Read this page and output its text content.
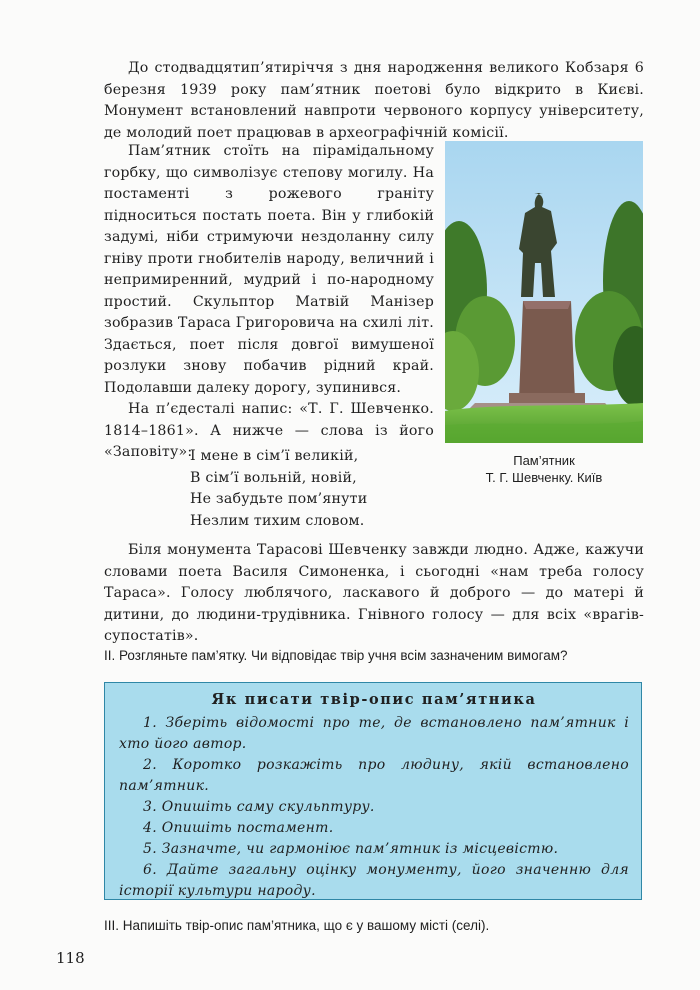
До стодвадцятип’ятиріччя з дня народження великого Кобзаря 6 березня 1939 року пам’ятник поетові було відкрито в Києві. Монумент встановлений навпроти червоного корпусу університету, де молодий поет працював в археографічній комісії.

Пам’ятник стоїть на пірамідальному горбку, що символізує степову могилу. На постаменті з рожевого граніту підноситься постать поета. Він у глибокій задумі, ніби стримуючи нездоланну силу гніву проти гнобителів народу, величний і непримиренний, мудрий і по-народному простий. Скульптор Матвій Манізер зобразив Тараса Григоровича на схилі літ. Здається, поет після довгої вимушеної розлуки знову побачив рідний край. Подолавши далеку дорогу, зупинився.

На п’єдесталі напис: «Т. Г. Шевченко. 1814–1861». А нижче — слова із його «Заповіту»:

Пам’ятник
Т. Г. Шевченку. Київ
І мене в сім’ї великій,
В сім’ї вольній, новій,
Не забудьте пом’янути
Незлим тихим словом.

Біля монумента Тарасові Шевченку завжди людно. Адже, кажучи словами поета Василя Симоненка, і сьогодні «нам треба голосу Тараса». Голосу люблячого, ласкавого й доброго — до матері й дитини, до людини-трудівника. Гнівного голосу — для всіх «врагів-супостатів».

ІІ. Розгляньте пам’ятку. Чи відповідає твір учня всім зазначеним вимогам?
Як писати твір-опис пам’ятника

1. Зберіть відомості про те, де встановлено пам’ятник і хто його автор.

2. Коротко розкажіть про людину, якій встановлено пам’ятник.

3. Опишіть саму скульптуру.

4. Опишіть постамент.

5. Зазначте, чи гармоніює пам’ятник із місцевістю.

6. Дайте загальну оцінку монументу, його значенню для історії культури народу.

ІІІ. Напишіть твір-опис пам’ятника, що є у вашому місті (селі).
118
